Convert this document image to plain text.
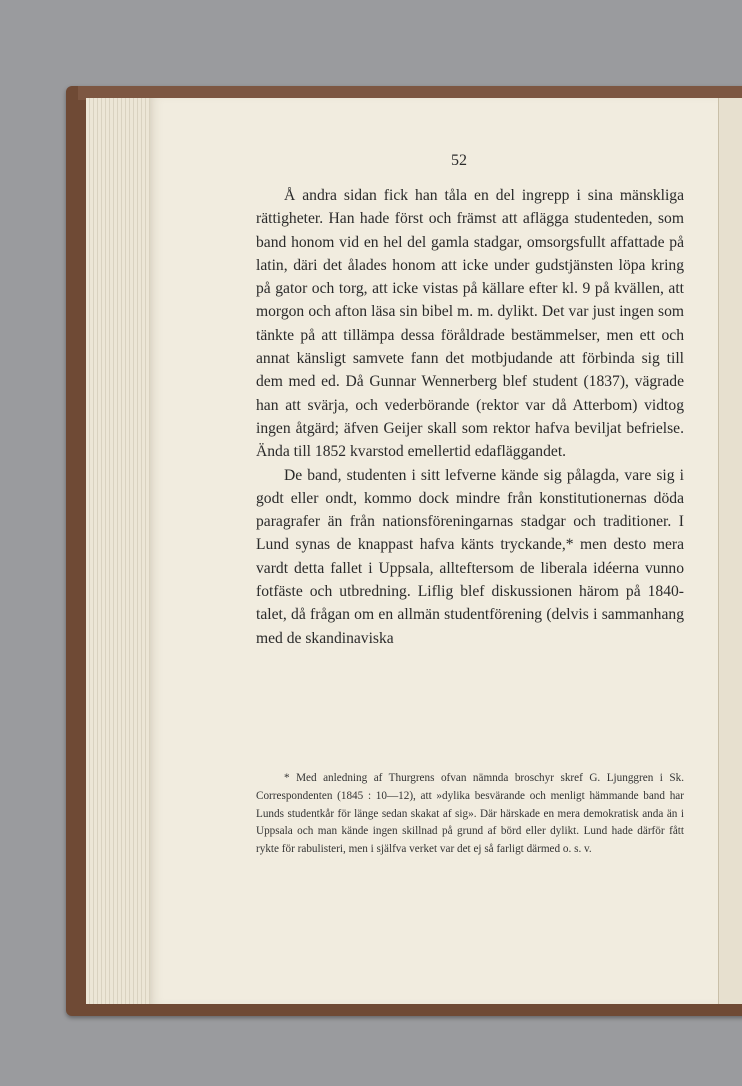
52

Å andra sidan fick han tåla en del ingrepp i sina mänskliga rättigheter. Han hade först och främst att aflägga studenteden, som band honom vid en hel del gamla stadgar, omsorgsfullt affattade på latin, däri det ålades honom att icke under gudstjänsten löpa kring på gator och torg, att icke vistas på källare efter kl. 9 på kvällen, att morgon och afton läsa sin bibel m. m. dylikt. Det var just ingen som tänkte på att tillämpa dessa föråldrade bestämmelser, men ett och annat känsligt samvete fann det motbjudande att förbinda sig till dem med ed. Då Gunnar Wennerberg blef student (1837), vägrade han att svärja, och vederbörande (rektor var då Atterbom) vidtog ingen åtgärd; äfven Geijer skall som rektor hafva beviljat befrielse. Ända till 1852 kvarstod emellertid edafläggandet.

De band, studenten i sitt lefverne kände sig pålagda, vare sig i godt eller ondt, kommo dock mindre från konstitutionernas döda paragrafer än från nationsföreningarnas stadgar och traditioner. I Lund synas de knappast hafva känts tryckande,* men desto mera vardt detta fallet i Uppsala, allteftersom de liberala idéerna vunno fotfäste och utbredning. Liflig blef diskussionen härom på 1840-talet, då frågan om en allmän studentförening (delvis i sammanhang med de skandinaviska

* Med anledning af Thurgrens ofvan nämnda broschyr skref G. Ljunggren i Sk. Correspondenten (1845 : 10—12), att »dylika besvärande och menligt hämmande band har Lunds studentkår för länge sedan skakat af sig». Där härskade en mera demokratisk anda än i Uppsala och man kände ingen skillnad på grund af börd eller dylikt. Lund hade därför fått rykte för rabulisteri, men i själfva verket var det ej så farligt därmed o. s. v.
